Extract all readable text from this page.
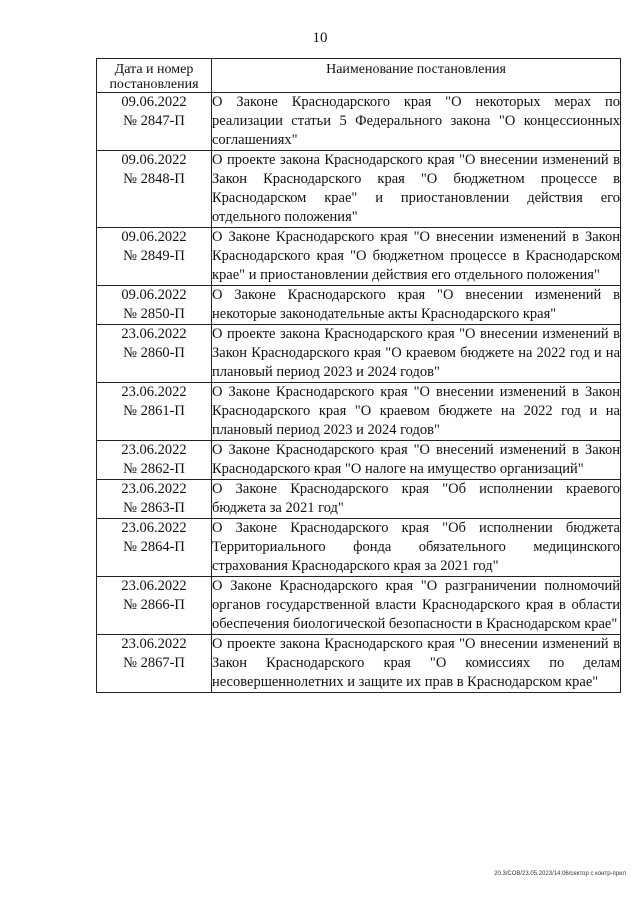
10
Дата и номер постановления	Наименование постановления

09.06.2022
№ 2847-П	О Законе Краснодарского края "О некоторых мерах по реализации статьи 5 Федерального закона "О концессионных соглашениях"

09.06.2022
№ 2848-П	О проекте закона Краснодарского края "О внесении изменений в Закон Краснодарского края "О бюджетном процессе в Краснодарском крае" и приостановлении действия его отдельного положения"

09.06.2022
№ 2849-П	О Законе Краснодарского края "О внесении изменений в Закон Краснодарского края "О бюджетном процессе в Краснодарском крае" и приостановлении действия его отдельного положения"

09.06.2022
№ 2850-П	О Законе Краснодарского края "О внесении изменений в некоторые законодательные акты Краснодарского края"

23.06.2022
№ 2860-П	О проекте закона Краснодарского края "О внесении изменений в Закон Краснодарского края "О краевом бюджете на 2022 год и на плановый период 2023 и 2024 годов"

23.06.2022
№ 2861-П	О Законе Краснодарского края "О внесении изменений в Закон Краснодарского края "О краевом бюджете на 2022 год и на плановый период 2023 и 2024 годов"

23.06.2022
№ 2862-П	О Законе Краснодарского края "О внесений изменений в Закон Краснодарского края "О налоге на имущество организаций"

23.06.2022
№ 2863-П	О Законе Краснодарского края "Об исполнении краевого бюджета за 2021 год"

23.06.2022
№ 2864-П	О Законе Краснодарского края "Об исполнении бюджета Территориального фонда обязательного медицинского страхования Краснодарского края за 2021 год"

23.06.2022
№ 2866-П	О Законе Краснодарского края "О разграничении полномочий органов государственной власти Краснодарского края в области обеспечения биологической безопасности в Краснодарском крае"

23.06.2022
№ 2867-П	О проекте закона Краснодарского края "О внесении изменений в Закон Краснодарского края "О комиссиях по делам несовершеннолетних и защите их прав в Краснодарском крае"
20.3/СОВ/23.05.2023/14:06/сектор с контр-прил
